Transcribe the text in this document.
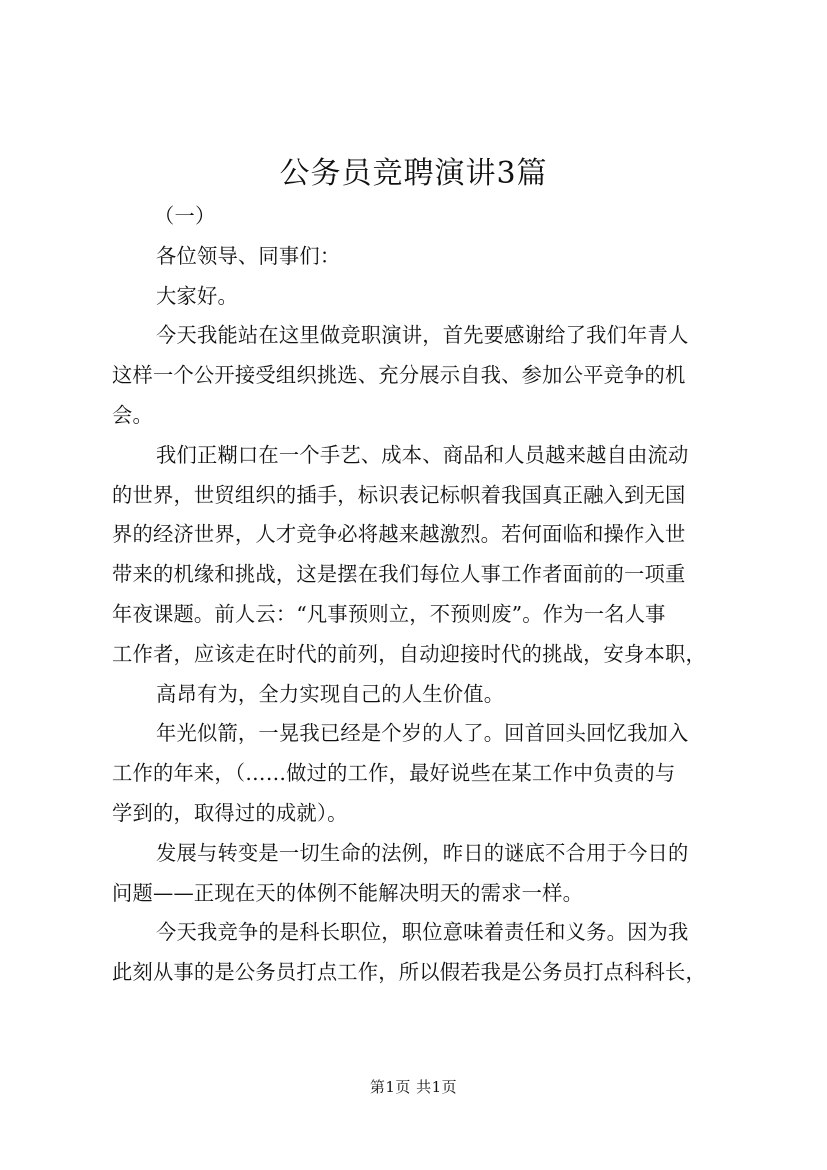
公务员竞聘演讲3篇
（一）
各位领导、同事们：
大家好。
今天我能站在这里做竞职演讲，首先要感谢给了我们年青人
这样一个公开接受组织挑选、充分展示自我、参加公平竞争的机
会。
我们正糊口在一个手艺、成本、商品和人员越来越自由流动
的世界，世贸组织的插手，标识表记标帜着我国真正融入到无国
界的经济世界，人才竞争必将越来越激烈。若何面临和操作入世
带来的机缘和挑战，这是摆在我们每位人事工作者面前的一项重
年夜课题。前人云：“凡事预则立，不预则废”。作为一名人事
工作者，应该走在时代的前列，自动迎接时代的挑战，安身本职，
高昂有为，全力实现自己的人生价值。
年光似箭，一晃我已经是个岁的人了。回首回头回忆我加入
工作的年来，（……做过的工作，最好说些在某工作中负责的与
学到的，取得过的成就）。
发展与转变是一切生命的法例，昨日的谜底不合用于今日的
问题——正现在天的体例不能解决明天的需求一样。
今天我竞争的是科长职位，职位意味着责任和义务。因为我
此刻从事的是公务员打点工作，所以假若我是公务员打点科科长，
第1页 共1页
